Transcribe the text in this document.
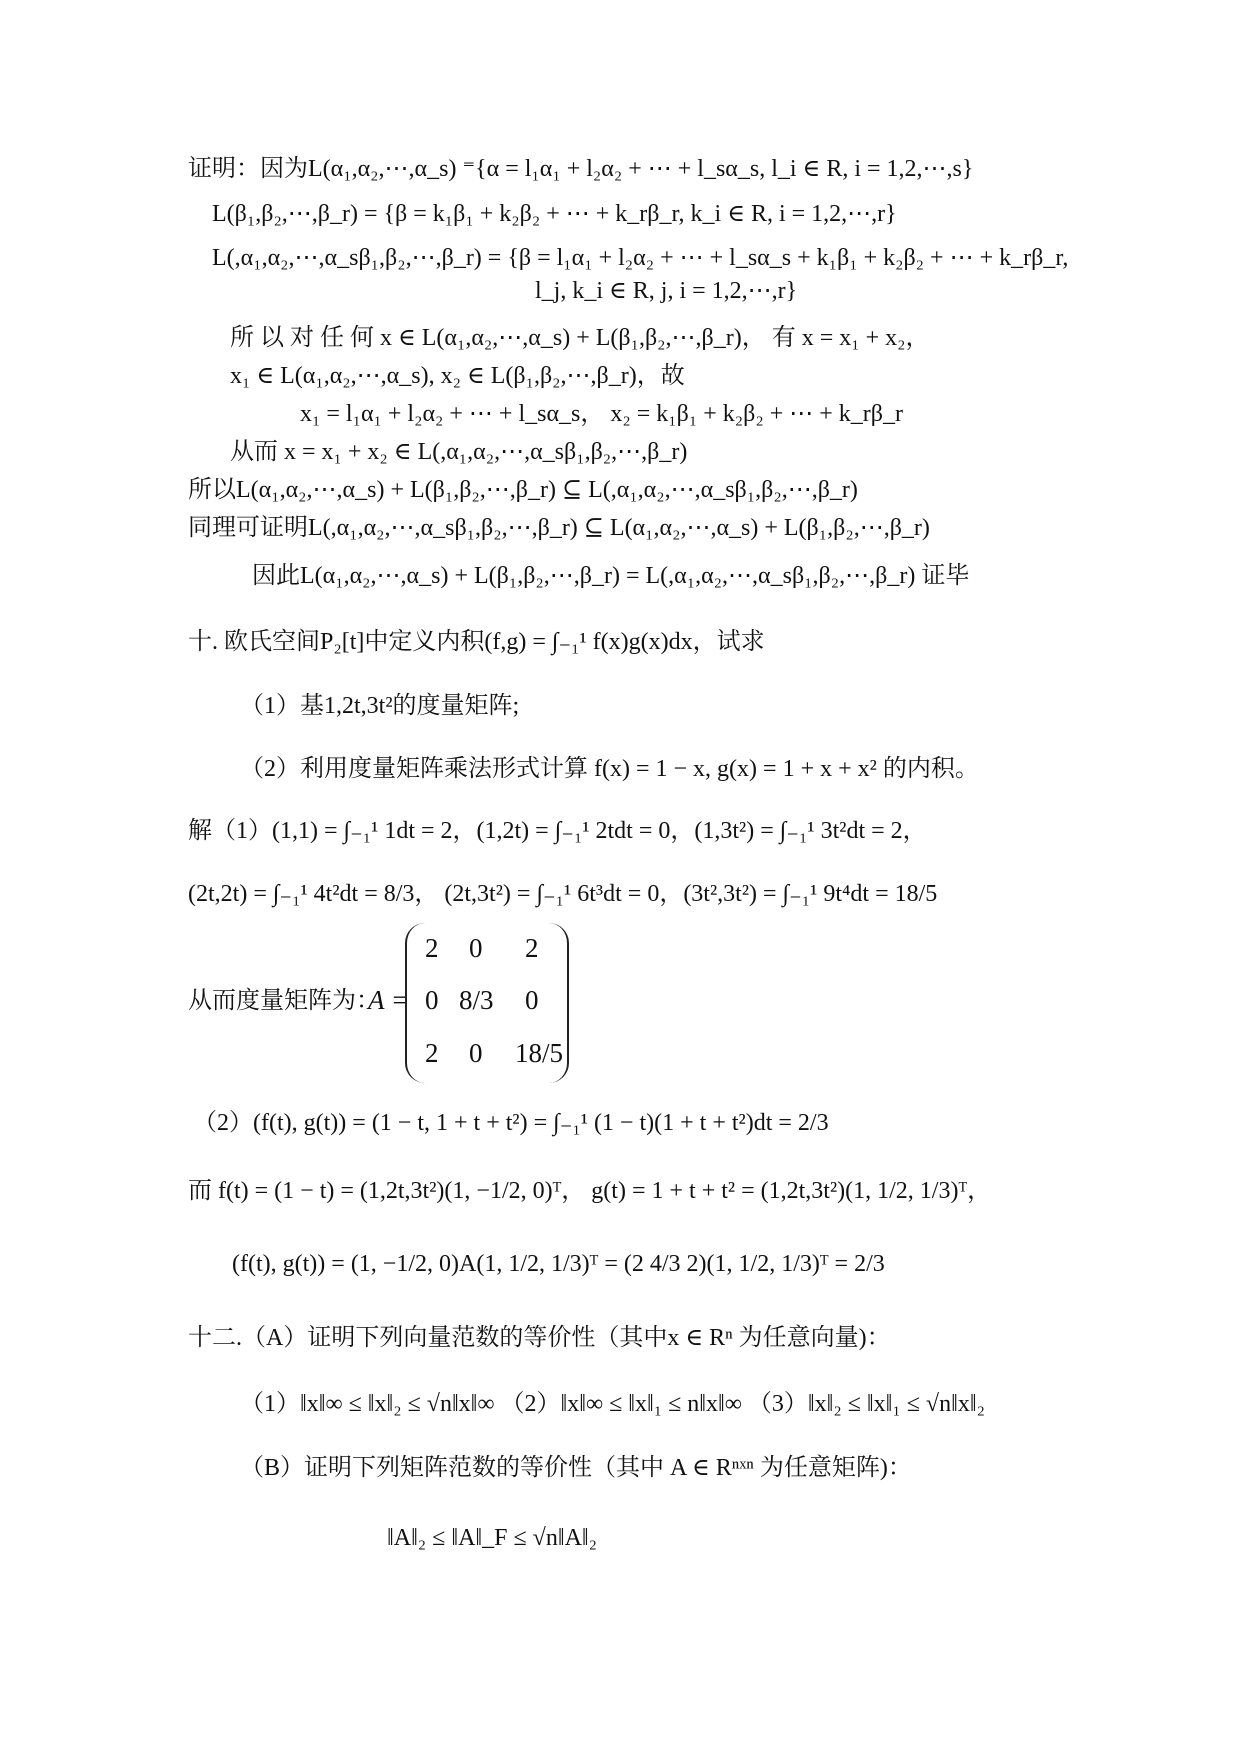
证明：因为L(α₁,α₂,⋯,α_s) ⁼{α = l₁α₁ + l₂α₂ + ⋯ + l_sα_s, l_i ∈ R, i = 1,2,⋯,s}
L(β₁,β₂,⋯,β_r) = {β = k₁β₁ + k₂β₂ + ⋯ + k_rβ_r, k_i ∈ R, i = 1,2,⋯,r}
L(,α₁,α₂,⋯,α_sβ₁,β₂,⋯,β_r) = {β = l₁α₁ + l₂α₂ + ⋯ + l_sα_s + k₁β₁ + k₂β₂ + ⋯ + k_rβ_r,
l_j, k_i ∈ R, j, i = 1,2,⋯,r}
所 以 对 任 何 x ∈ L(α₁,α₂,⋯,α_s) + L(β₁,β₂,⋯,β_r)， 有 x = x₁ + x₂，
x₁ ∈ L(α₁,α₂,⋯,α_s), x₂ ∈ L(β₁,β₂,⋯,β_r)，故
x₁ = l₁α₁ + l₂α₂ + ⋯ + l_sα_s， x₂ = k₁β₁ + k₂β₂ + ⋯ + k_rβ_r
从而 x = x₁ + x₂ ∈ L(,α₁,α₂,⋯,α_sβ₁,β₂,⋯,β_r)
所以L(α₁,α₂,⋯,α_s) + L(β₁,β₂,⋯,β_r) ⊆ L(,α₁,α₂,⋯,α_sβ₁,β₂,⋯,β_r)
同理可证明L(,α₁,α₂,⋯,α_sβ₁,β₂,⋯,β_r) ⊆ L(α₁,α₂,⋯,α_s) + L(β₁,β₂,⋯,β_r)
因此L(α₁,α₂,⋯,α_s) + L(β₁,β₂,⋯,β_r) = L(,α₁,α₂,⋯,α_sβ₁,β₂,⋯,β_r) 证毕
十. 欧氏空间P₂[t]中定义内积(f,g) = ∫₋₁¹ f(x)g(x)dx，试求
（1）基1,2t,3t²的度量矩阵;
（2）利用度量矩阵乘法形式计算 f(x) = 1 − x, g(x) = 1 + x + x² 的内积。
解（1）(1,1) = ∫₋₁¹ 1dt = 2，(1,2t) = ∫₋₁¹ 2tdt = 0，(1,3t²) = ∫₋₁¹ 3t²dt = 2，
(2t,2t) = ∫₋₁¹ 4t²dt = 8/3， (2t,3t²) = ∫₋₁¹ 6t³dt = 0，(3t²,3t²) = ∫₋₁¹ 9t⁴dt = 18/5
从而度量矩阵为：
（2）(f(t), g(t)) = (1 − t, 1 + t + t²) = ∫₋₁¹ (1 − t)(1 + t + t²)dt = 2/3
而 f(t) = (1 − t) = (1,2t,3t²)(1, −1/2, 0)ᵀ， g(t) = 1 + t + t² = (1,2t,3t²)(1, 1/2, 1/3)ᵀ，
(f(t), g(t)) = (1, −1/2, 0)A(1, 1/2, 1/3)ᵀ = (2 4/3 2)(1, 1/2, 1/3)ᵀ = 2/3
十二.（A）证明下列向量范数的等价性（其中x ∈ Rⁿ 为任意向量)：
（1）‖x‖∞ ≤ ‖x‖₂ ≤ √n‖x‖∞ （2）‖x‖∞ ≤ ‖x‖₁ ≤ n‖x‖∞ （3）‖x‖₂ ≤ ‖x‖₁ ≤ √n‖x‖₂
（B）证明下列矩阵范数的等价性（其中 A ∈ Rⁿˣⁿ 为任意矩阵)：
‖A‖₂ ≤ ‖A‖_F ≤ √n‖A‖₂
A =
2 0 2
0 8/3 0
2 0 18/5
